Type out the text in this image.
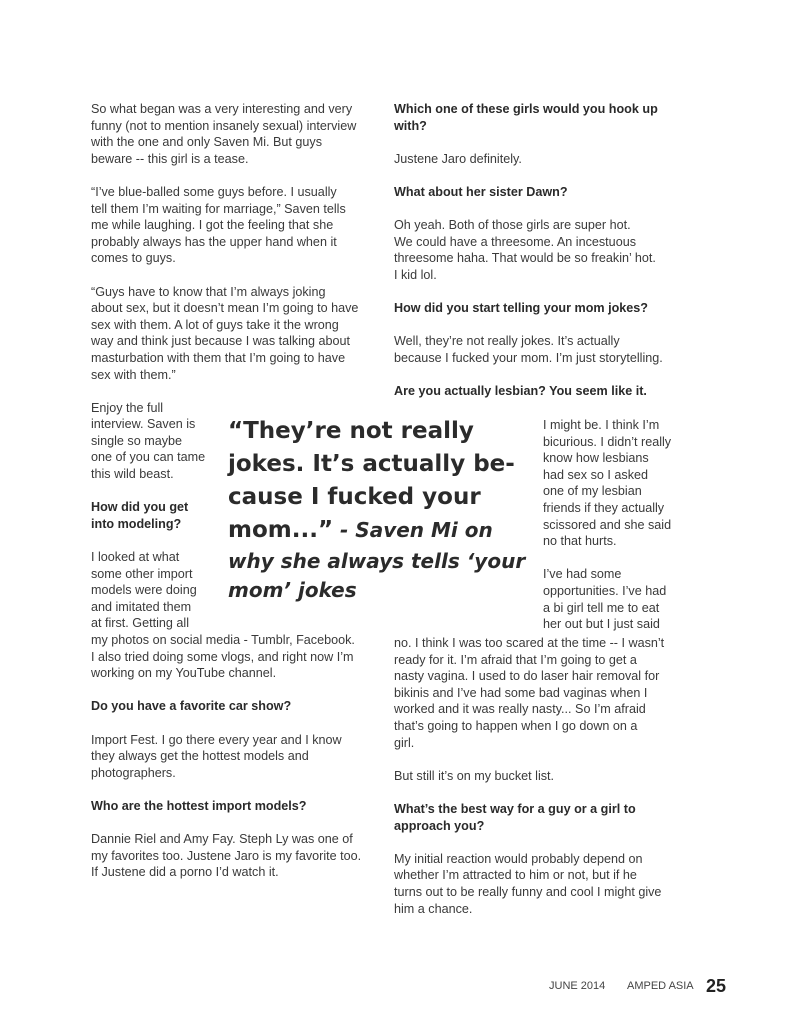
So what began was a very interesting and very
funny (not to mention insanely sexual) interview
with the one and only Saven Mi. But guys
beware -- this girl is a tease.

“I’ve blue-balled some guys before. I usually
tell them I’m waiting for marriage,” Saven tells
me while laughing. I got the feeling that she
probably always has the upper hand when it
comes to guys.

“Guys have to know that I’m always joking
about sex, but it doesn’t mean I’m going to have
sex with them. A lot of guys take it the wrong
way and think just because I was talking about
masturbation with them that I’m going to have
sex with them.”

Enjoy the full
interview. Saven is
single so maybe
one of you can tame
this wild beast.

How did you get
into modeling?

I looked at what
some other import
models were doing
and imitated them
at first. Getting all
my photos on social media - Tumblr, Facebook.
I also tried doing some vlogs, and right now I’m
working on my YouTube channel.

Do you have a favorite car show?

Import Fest. I go there every year and I know
they always get the hottest models and
photographers.

Who are the hottest import models?

Dannie Riel and Amy Fay. Steph Ly was one of
my favorites too. Justene Jaro is my favorite too.
If Justene did a porno I’d watch it.

Which one of these girls would you hook up
with?

Justene Jaro definitely.

What about her sister Dawn?

Oh yeah. Both of those girls are super hot.
We could have a threesome. An incestuous
threesome haha. That would be so freakin’ hot.
I kid lol.

How did you start telling your mom jokes?

Well, they’re not really jokes. It’s actually
because I fucked your mom. I’m just storytelling.

Are you actually lesbian? You seem like it.

I might be. I think I’m
bicurious. I didn’t really
know how lesbians
had sex so I asked
one of my lesbian
friends if they actually
scissored and she said
no that hurts.

I’ve had some
opportunities. I’ve had
a bi girl tell me to eat
her out but I just said

no. I think I was too scared at the time -- I wasn’t
ready for it. I’m afraid that I’m going to get a
nasty vagina. I used to do laser hair removal for
bikinis and I’ve had some bad vaginas when I
worked and it was really nasty... So I’m afraid
that’s going to happen when I go down on a
girl.

But still it’s on my bucket list.

What’s the best way for a guy or a girl to
approach you?

My initial reaction would probably depend on
whether I’m attracted to him or not, but if he
turns out to be really funny and cool I might give
him a chance.

“They’re not really
jokes. It’s actually be-
cause I fucked your
mom...” - Saven Mi on
why she always tells ‘your
mom’ jokes
JUNE 2014 AMPED ASIA 25
